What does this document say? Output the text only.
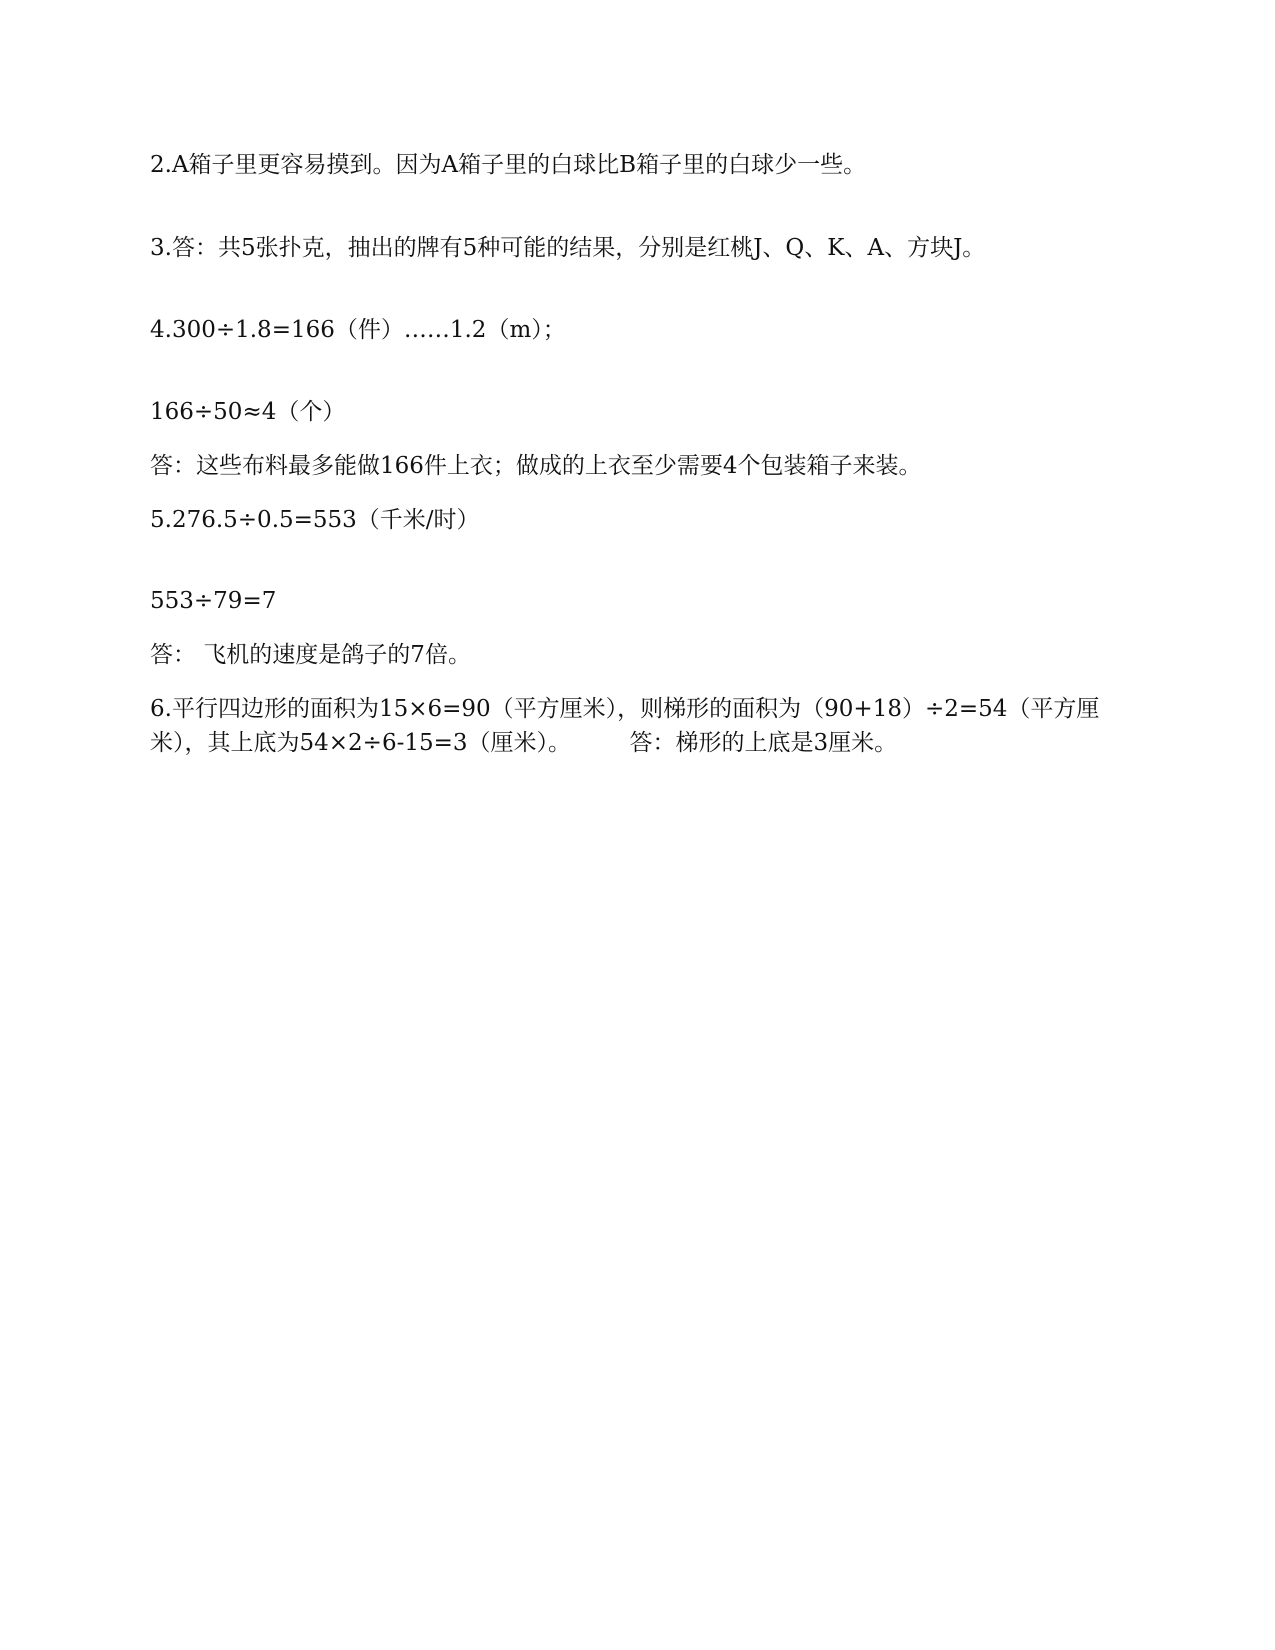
2.A箱子里更容易摸到。因为A箱子里的白球比B箱子里的白球少一些。
3.答：共5张扑克，抽出的牌有5种可能的结果，分别是红桃J、Q、K、A、方块J。
4.300÷1.8=166（件）……1.2（m）；
166÷50≈4（个）
答：这些布料最多能做166件上衣；做成的上衣至少需要4个包装箱子来装。
5.276.5÷0.5=553（千米/时）
553÷79=7
答： 飞机的速度是鸽子的7倍。
6.平行四边形的面积为15×6=90（平方厘米），则梯形的面积为（90+18）÷2=54（平方厘
米），其上底为54×2÷6-15=3（厘米）。        答：梯形的上底是3厘米。
